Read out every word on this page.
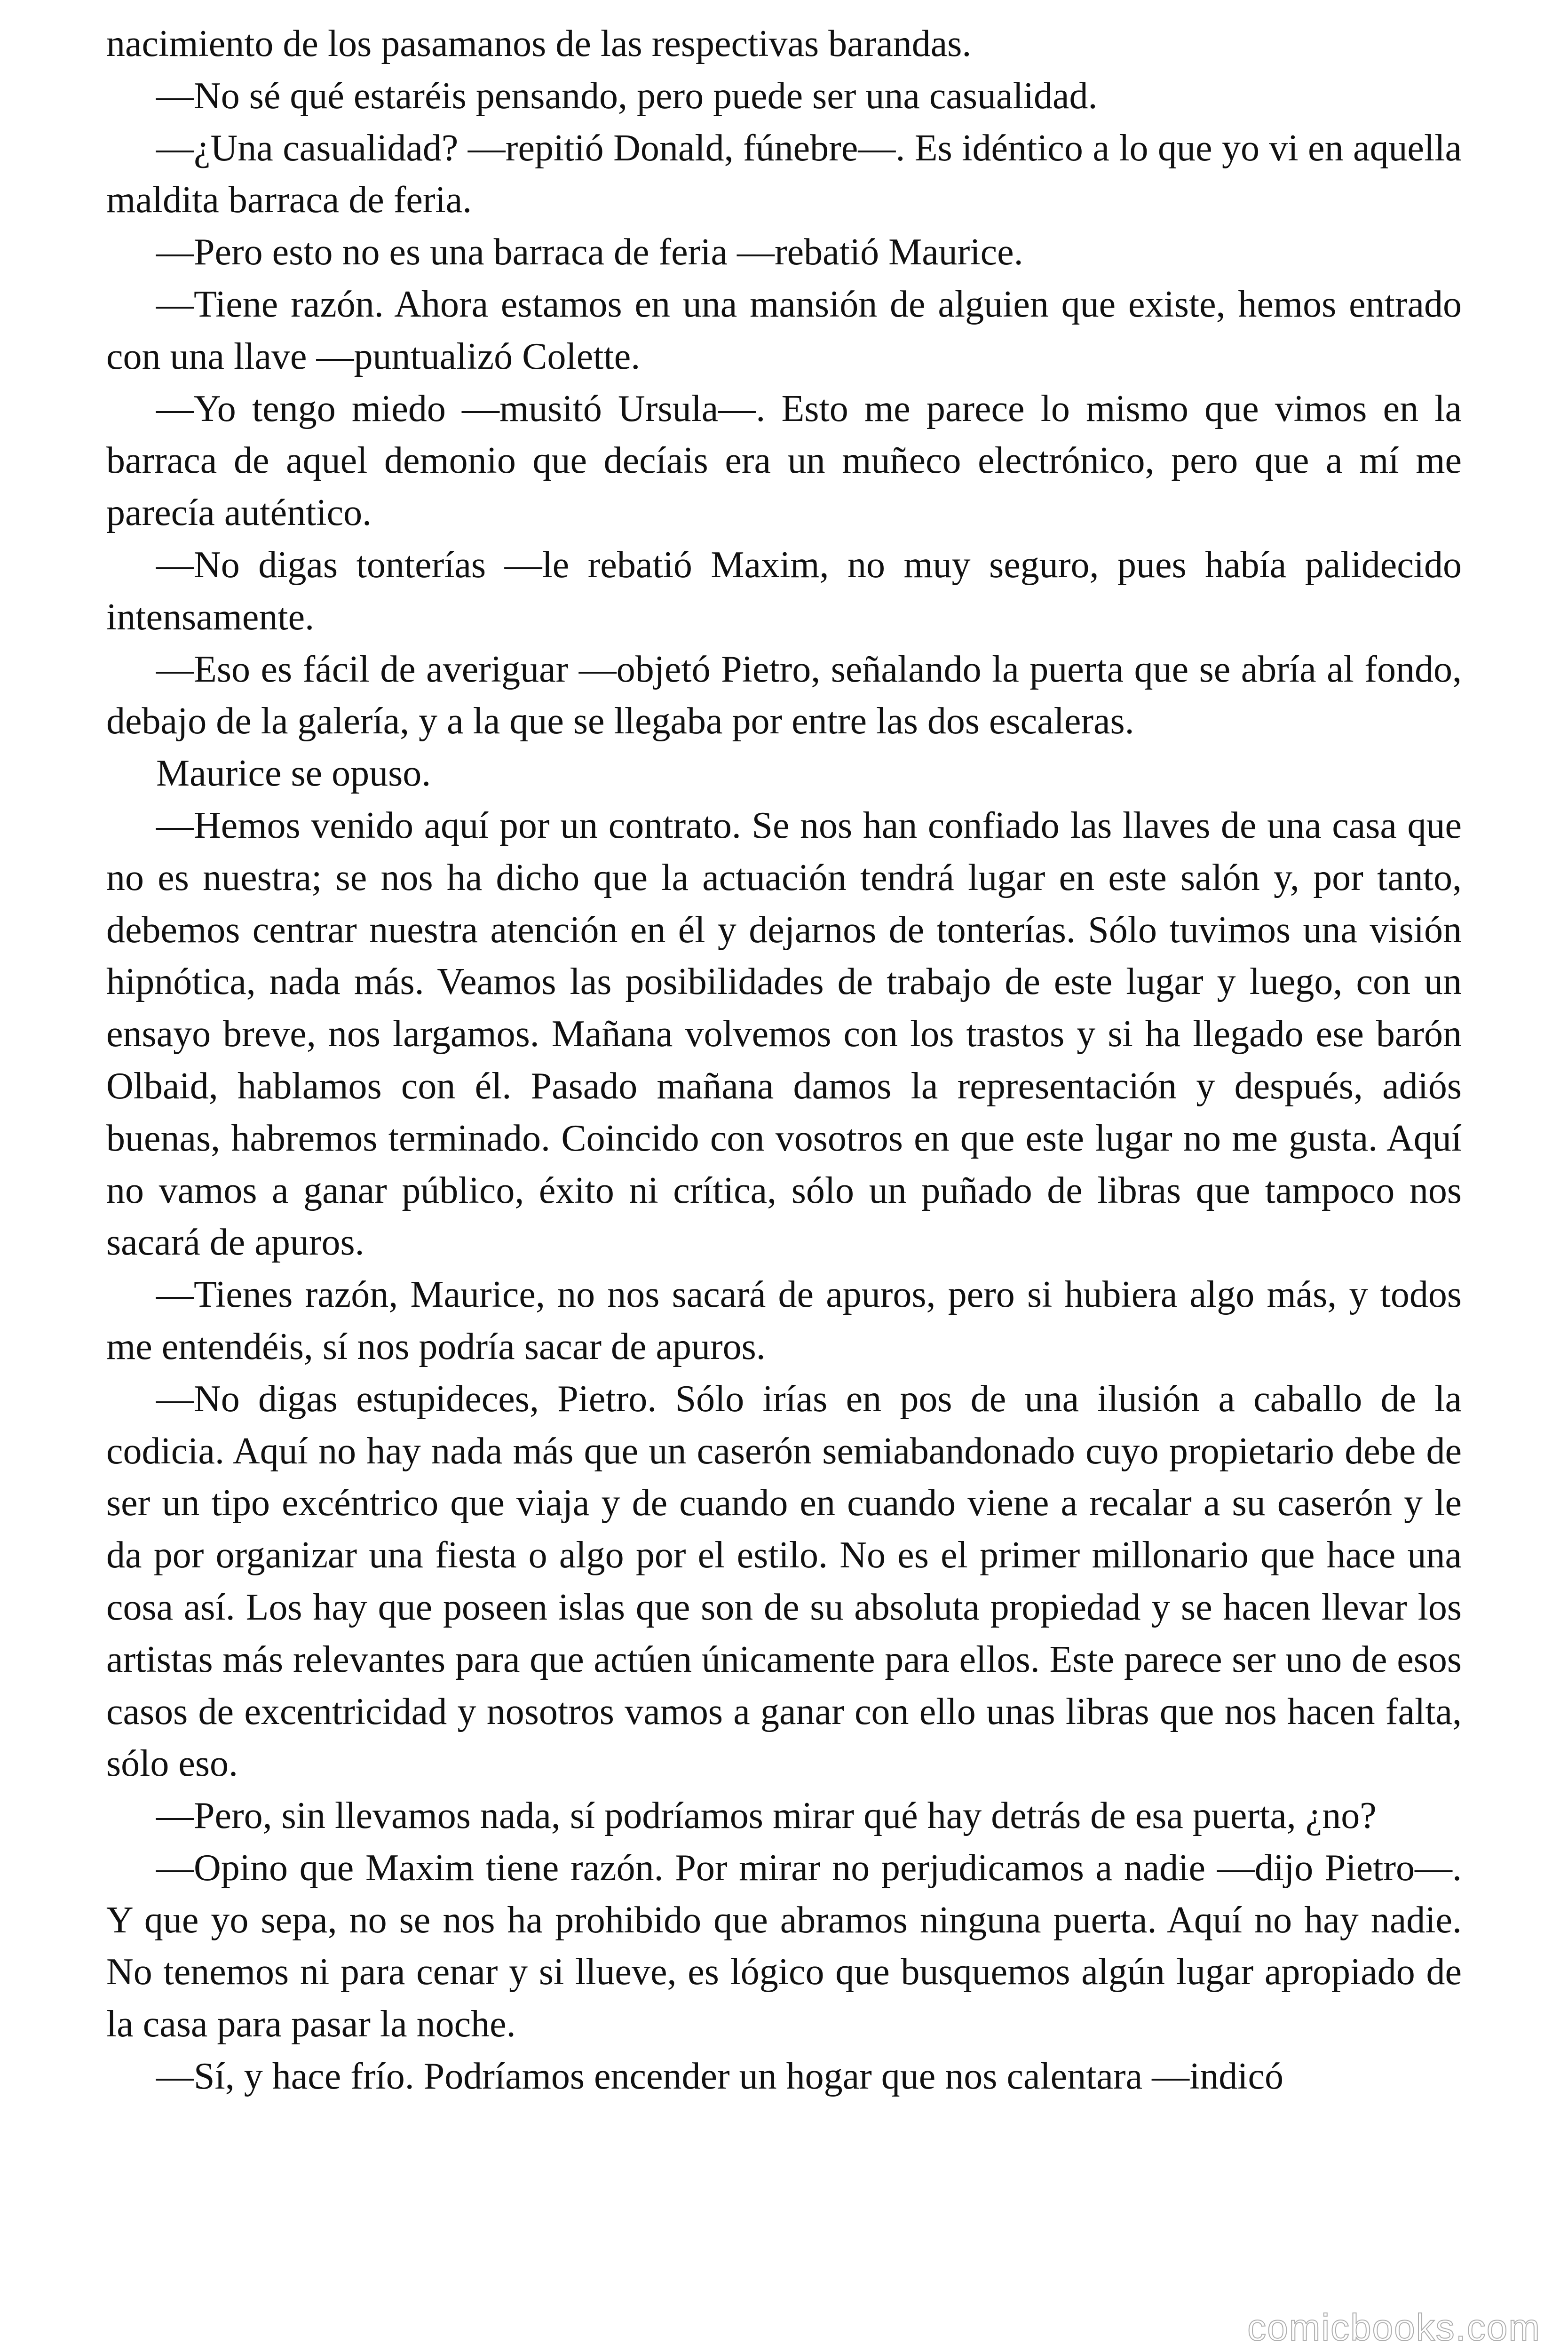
nacimiento de los pasamanos de las respectivas barandas.

—No sé qué estaréis pensando, pero puede ser una casualidad.

—¿Una casualidad? —repitió Donald, fúnebre—. Es idéntico a lo que yo vi en aquella maldita barraca de feria.

—Pero esto no es una barraca de feria —rebatió Maurice.

—Tiene razón. Ahora estamos en una mansión de alguien que existe, hemos entrado con una llave —puntualizó Colette.

—Yo tengo miedo —musitó Ursula—. Esto me parece lo mismo que vimos en la barraca de aquel demonio que decíais era un muñeco electrónico, pero que a mí me parecía auténtico.

—No digas tonterías —le rebatió Maxim, no muy seguro, pues había palidecido intensamente.

—Eso es fácil de averiguar —objetó Pietro, señalando la puerta que se abría al fondo, debajo de la galería, y a la que se llegaba por entre las dos escaleras.

Maurice se opuso.

—Hemos venido aquí por un contrato. Se nos han confiado las llaves de una casa que no es nuestra; se nos ha dicho que la actuación tendrá lugar en este salón y, por tanto, debemos centrar nuestra atención en él y dejarnos de tonterías. Sólo tuvimos una visión hipnótica, nada más. Veamos las posibilidades de trabajo de este lugar y luego, con un ensayo breve, nos largamos. Mañana volvemos con los trastos y si ha llegado ese barón Olbaid, hablamos con él. Pasado mañana damos la representación y después, adiós buenas, habremos terminado. Coincido con vosotros en que este lugar no me gusta. Aquí no vamos a ganar público, éxito ni crítica, sólo un puñado de libras que tampoco nos sacará de apuros.

—Tienes razón, Maurice, no nos sacará de apuros, pero si hubiera algo más, y todos me entendéis, sí nos podría sacar de apuros.

—No digas estupideces, Pietro. Sólo irías en pos de una ilusión a caballo de la codicia. Aquí no hay nada más que un caserón semiabandonado cuyo propietario debe de ser un tipo excéntrico que viaja y de cuando en cuando viene a recalar a su caserón y le da por organizar una fiesta o algo por el estilo. No es el primer millonario que hace una cosa así. Los hay que poseen islas que son de su absoluta propiedad y se hacen llevar los artistas más relevantes para que actúen únicamente para ellos. Este parece ser uno de esos casos de excentricidad y nosotros vamos a ganar con ello unas libras que nos hacen falta, sólo eso.

—Pero, sin llevamos nada, sí podríamos mirar qué hay detrás de esa puerta, ¿no?

—Opino que Maxim tiene razón. Por mirar no perjudicamos a nadie —dijo Pietro—. Y que yo sepa, no se nos ha prohibido que abramos ninguna puerta. Aquí no hay nadie. No tenemos ni para cenar y si llueve, es lógico que busquemos algún lugar apropiado de la casa para pasar la noche.

—Sí, y hace frío. Podríamos encender un hogar que nos calentara —indicó

comicbooks.com
